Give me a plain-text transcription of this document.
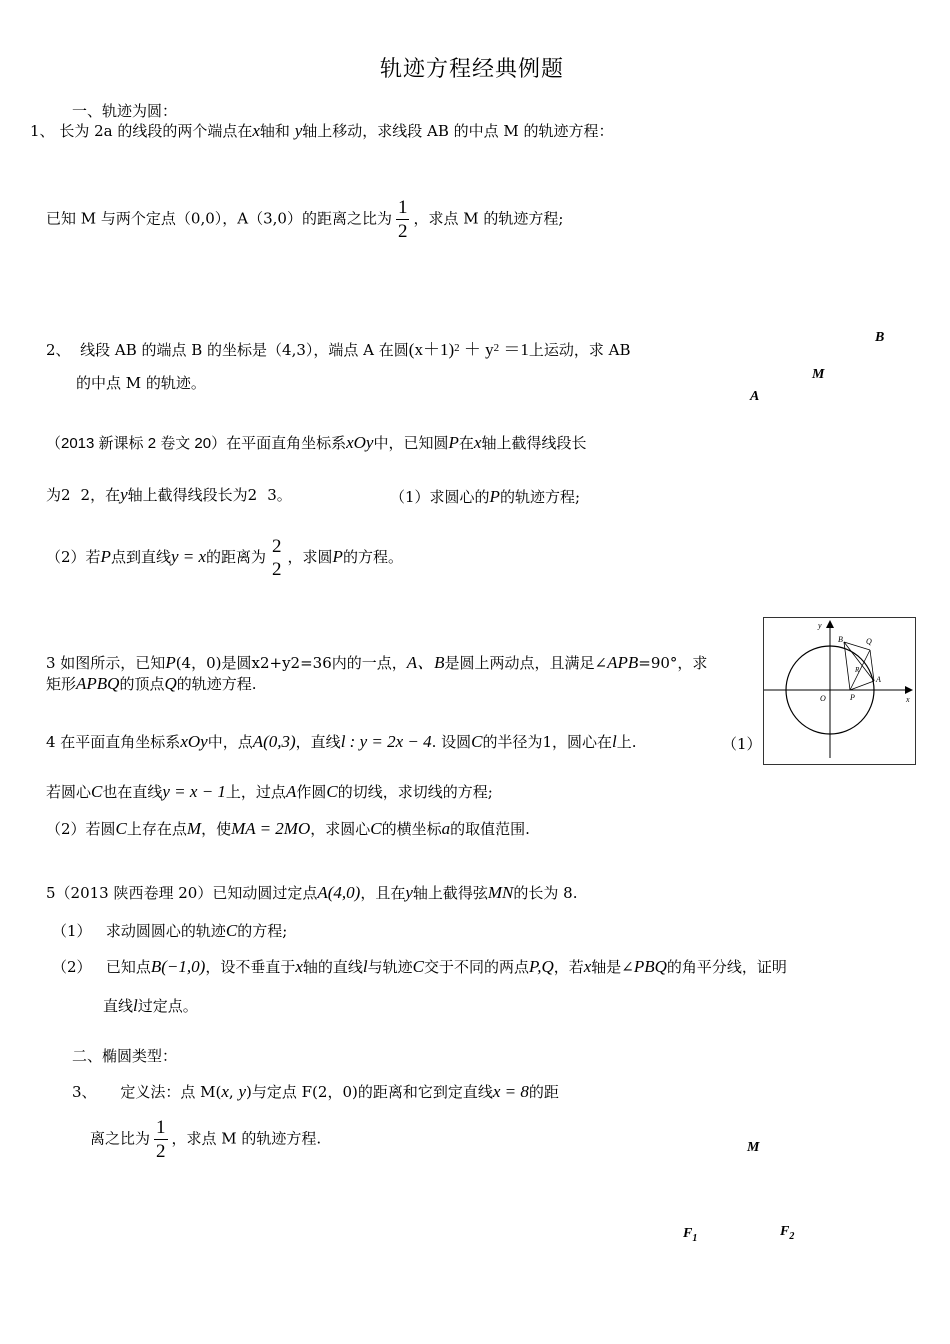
轨迹方程经典例题
一、轨迹为圆：
1、 长为 2a 的线段的两个端点在x轴和 y轴上移动，求线段 AB 的中点 M 的轨迹方程：
已知 M 与两个定点（0,0），A（3,0）的距离之比为 $\frac{1}{2}$ ，求点 M 的轨迹方程;
2、 线段 AB 的端点 B 的坐标是（4,3），端点 A 在圆$(x+1)^2 + y^2 =1$上运动，求 AB
的中点 M 的轨迹。
B
M
A
（2013 新课标 2 卷文 20）在平面直角坐标系xOy中，已知圆P在x轴上截得线段长
为2 2，在y轴上截得线段长为2 3。	（1）求圆心的P的轨迹方程;
（2）若P点到直线y = x的距离为 2
2
，求圆P的方程。
3 如图所示，已知P(4，0)是圆x2+y2=36内的一点，A、B是圆上两动点，且满足∠APB=90°，求
矩形APBQ的顶点Q的轨迹方程.
y
x
O
B	Q
R
A
P
4 在平面直角坐标系xOy中，点A(0,3)，直线l : y = 2x − 4. 设圆C的半径为1，圆心在l上.	（1）
若圆心C也在直线y = x − 1上，过点A作圆C的切线，求切线的方程;
（2）若圆C上存在点M，使MA = 2MO，求圆心C的横坐标a的取值范围.
5（2013 陕西卷理 20）已知动圆过定点A(4,0)，且在y轴上截得弦MN的长为 8.
（1） 求动圆圆心的轨迹C的方程;
（2） 已知点B(−1,0)，设不垂直于x轴的直线l与轨迹C交于不同的两点P,Q，若x轴是∠PBQ的角平分线，证明
直线l过定点。
二、椭圆类型：
3、 定义法：点 M(x, y)与定点 F(2，0)的距离和它到定直线x = 8的距
离之比为 $\frac{1}{2}$ ，求点 M 的轨迹方程.	M
$F_1$	$F_2$
